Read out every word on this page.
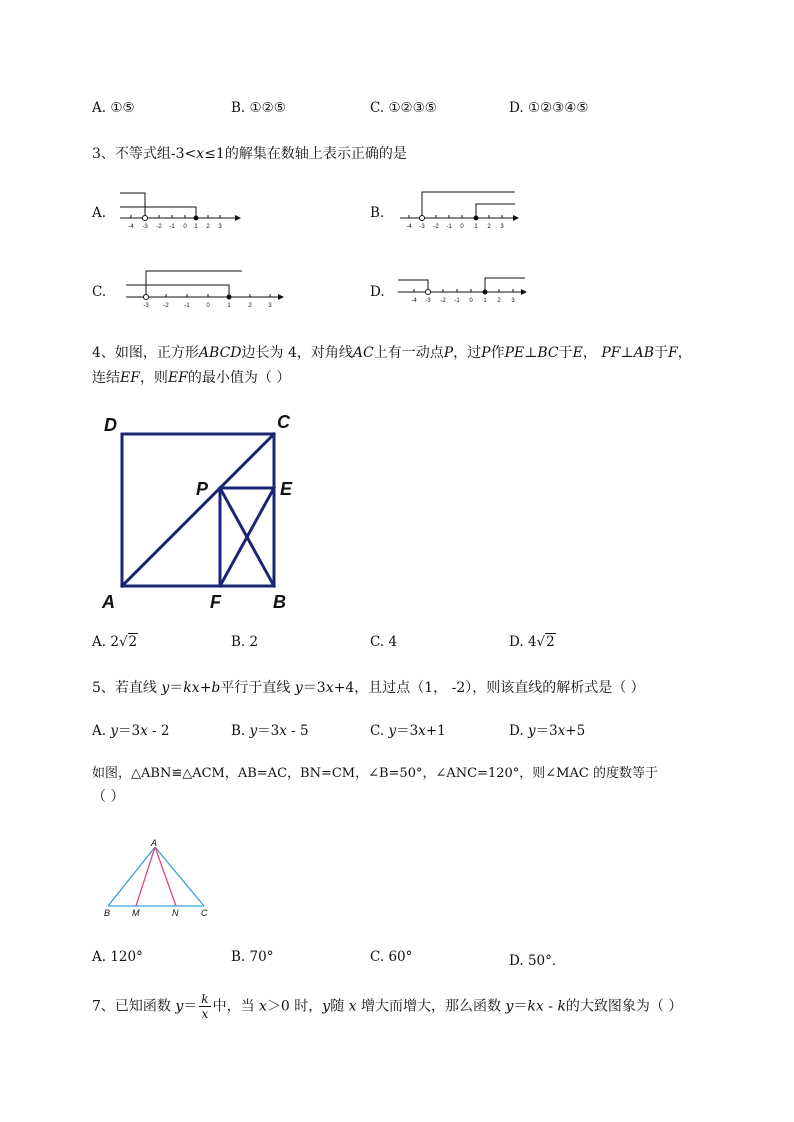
A. ①⑤	B. ①②⑤	C. ①②③⑤	D. ①②③④⑤
3、不等式组-3<x≤1的解集在数轴上表示正确的是
A.	B.
C.	D.
-4 -3 -2 -1 0 1 2 3	-4 -3 -2 -1 0 1 2 3
-3 -2	-1	0	1	2	3
-4 -3 -2 -1 0 1 2 3
4、如图，正方形ABCD边长为 4，对角线AC上有一动点P，过P作PE⊥BC于E， PF⊥AB于F，
连结EF，则EF的最小值为（ ）
D	C
P	E
A	F	B
A. 2√2	B. 2	C. 4	D. 4√2
5、若直线 y＝kx+b平行于直线 y＝3x+4，且过点（1， -2），则该直线的解析式是（ ）
A. y＝3x - 2	B. y＝3x - 5	C. y＝3x+1	D. y＝3x+5
如图，△ABN≌△ACM，AB=AC，BN=CM，∠B=50°，∠ANC=120°，则∠MAC 的度数等于
（ ）
A
B M	N	C
A. 120°	B. 70°	C. 60°	D. 50°．
7、已知函数 $y= \frac{k}{x}$ 中，当 x＞0 时，y随 x 增大而增大，那么函数 y＝kx - k的大致图象为（ ）
